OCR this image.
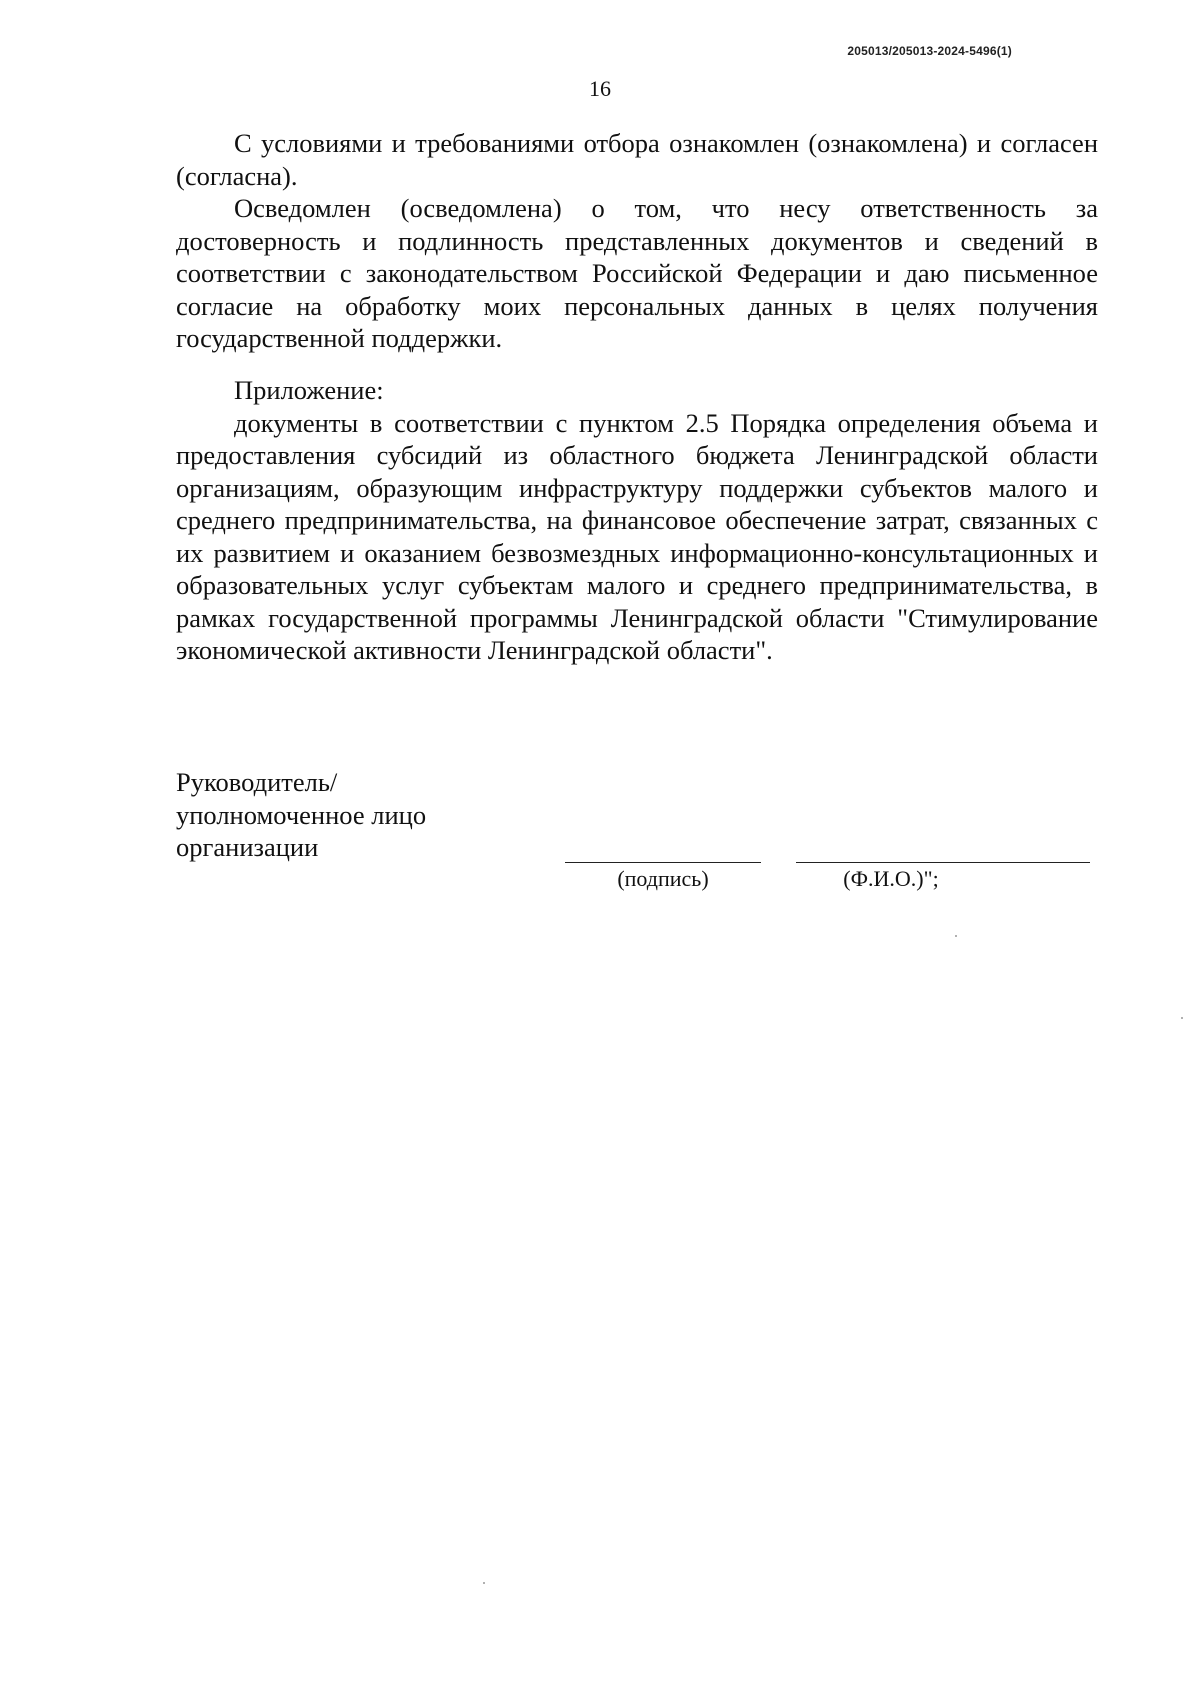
205013/205013-2024-5496(1)
16

С условиями и требованиями отбора ознакомлен (ознакомлена) и согласен (согласна).

Осведомлен (осведомлена) о том, что несу ответственность за достоверность и подлинность представленных документов и сведений в соответствии с законодательством Российской Федерации и даю письменное согласие на обработку моих персональных данных в целях получения государственной поддержки.

Приложение:

документы в соответствии с пунктом 2.5 Порядка определения объема и предоставления субсидий из областного бюджета Ленинградской области организациям, образующим инфраструктуру поддержки субъектов малого и среднего предпринимательства, на финансовое обеспечение затрат, связанных с их развитием и оказанием безвозмездных информационно-консультационных и образовательных услуг субъектам малого и среднего предпринимательства, в рамках государственной программы Ленинградской области "Стимулирование экономической активности Ленинградской области".

Руководитель/
уполномоченное лицо
организации
(подпись)	(Ф.И.О.)";
